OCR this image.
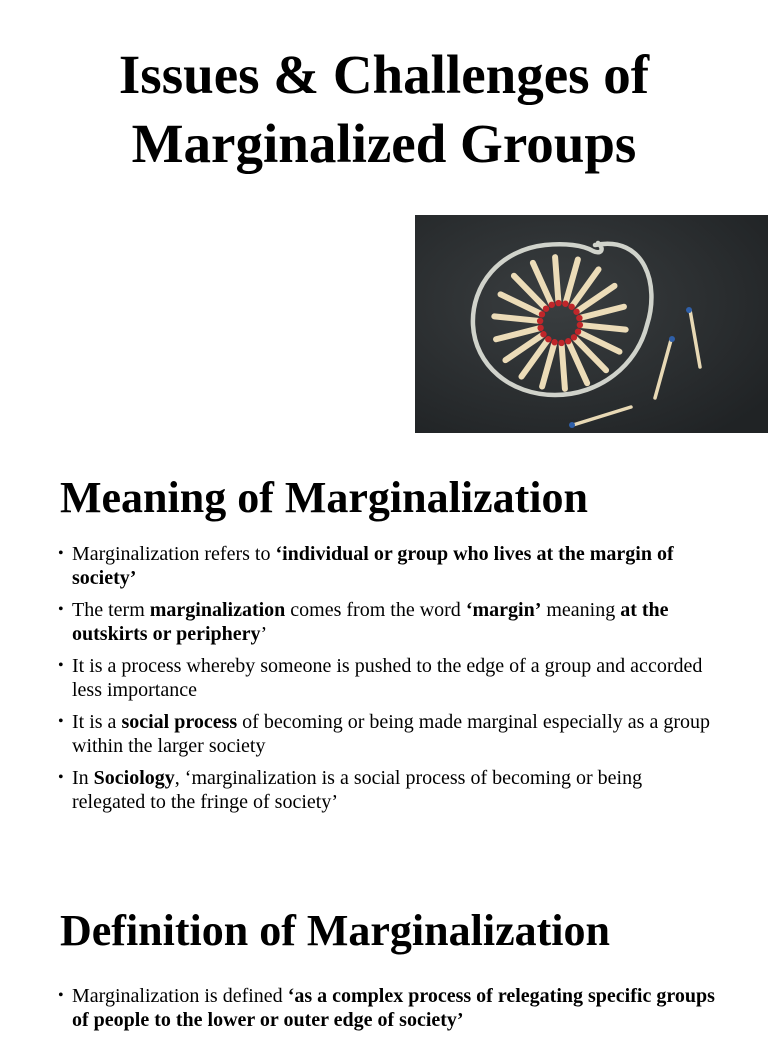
Issues & Challenges of
Marginalized Groups
Meaning of Marginalization
• Marginalization refers to ‘individual or group who lives at the margin of society’
• The term marginalization comes from the word ‘margin’ meaning at the outskirts or periphery’
• It is a process whereby someone is pushed to the edge of a group and accorded less importance
• It is a social process of becoming or being made marginal especially as a group within the larger society
• In Sociology, ‘marginalization is a social process of becoming or being relegated to the fringe of society’
Definition of Marginalization
• Marginalization is defined ‘as a complex process of relegating specific groups of people to the lower or outer edge of society’
